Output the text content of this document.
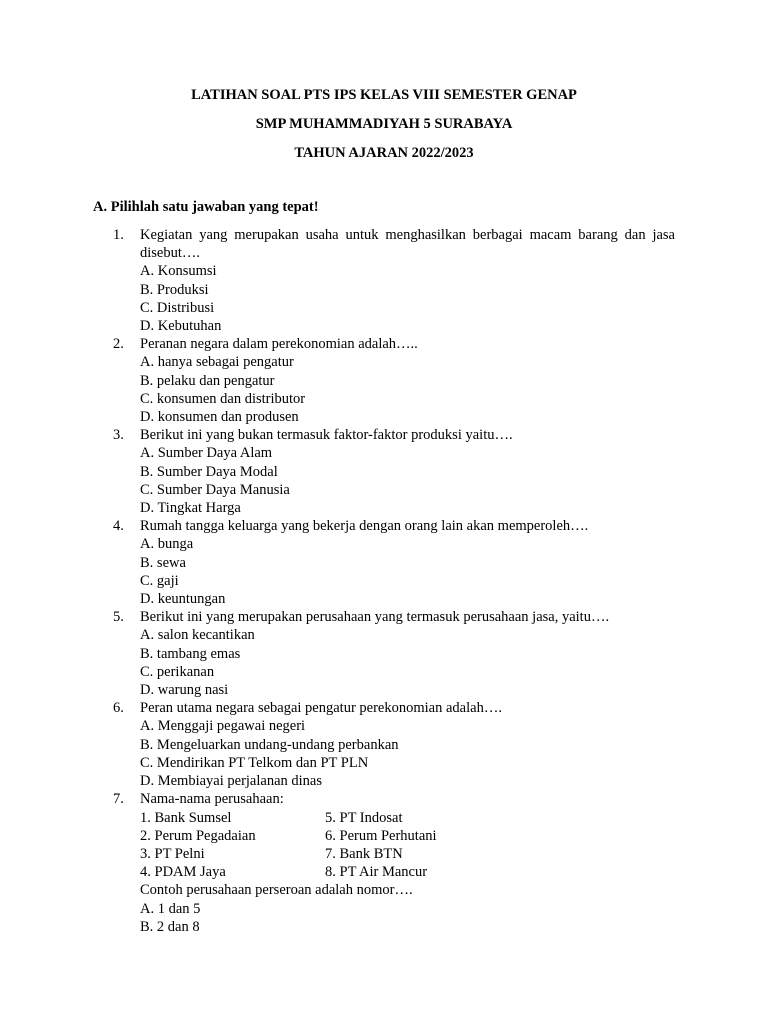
LATIHAN SOAL PTS IPS KELAS VIII SEMESTER GENAP
SMP MUHAMMADIYAH 5 SURABAYA
TAHUN AJARAN 2022/2023
A. Pilihlah satu jawaban yang tepat!
1. Kegiatan yang merupakan usaha untuk menghasilkan berbagai macam barang dan jasa disebut….
A. Konsumsi
B. Produksi
C. Distribusi
D. Kebutuhan
2. Peranan negara dalam perekonomian adalah…..
A. hanya sebagai pengatur
B. pelaku dan pengatur
C. konsumen dan distributor
D. konsumen dan produsen
3. Berikut ini yang bukan termasuk faktor-faktor produksi yaitu….
A. Sumber Daya Alam
B. Sumber Daya Modal
C. Sumber Daya Manusia
D. Tingkat Harga
4. Rumah tangga keluarga yang bekerja dengan orang lain akan memperoleh….
A. bunga
B. sewa
C. gaji
D. keuntungan
5. Berikut ini yang merupakan perusahaan yang termasuk perusahaan jasa, yaitu….
A. salon kecantikan
B. tambang emas
C. perikanan
D. warung nasi
6. Peran utama negara sebagai pengatur perekonomian adalah….
A. Menggaji pegawai negeri
B. Mengeluarkan undang-undang perbankan
C. Mendirikan PT Telkom dan PT PLN
D. Membiayai perjalanan dinas
7. Nama-nama perusahaan:
1. Bank Sumsel	5. PT Indosat
2. Perum Pegadaian	6. Perum Perhutani
3. PT Pelni	7. Bank BTN
4. PDAM Jaya	8. PT Air Mancur
Contoh perusahaan perseroan adalah nomor….
A. 1 dan 5
B. 2 dan 8
